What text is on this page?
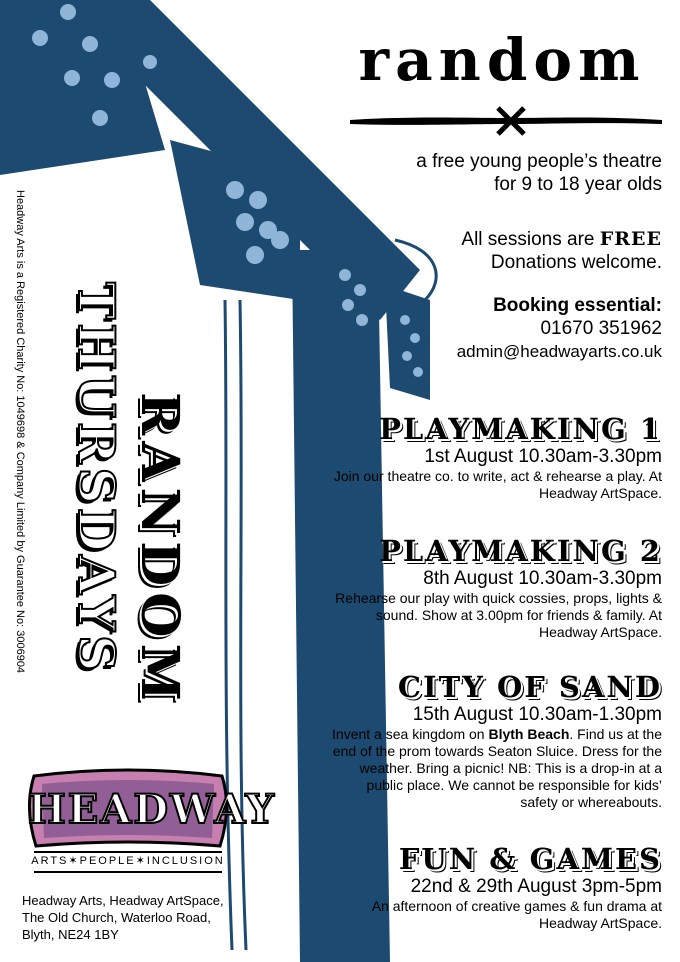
random
a free young people’s theatre
for 9 to 18 year olds
All sessions are FREE
Donations welcome.
Booking essential:
01670 351962
admin@headwayarts.co.uk
PLAYMAKING 1
1st August 10.30am-3.30pm
Join our theatre co. to write, act & rehearse a play. At Headway ArtSpace.
PLAYMAKING 2
8th August 10.30am-3.30pm
Rehearse our play with quick cossies, props, lights & sound. Show at 3.00pm for friends & family. At Headway ArtSpace.
CITY OF SAND
15th August 10.30am-1.30pm
Invent a sea kingdom on Blyth Beach. Find us at the end of the prom towards Seaton Sluice. Dress for the weather. Bring a picnic! NB: This is a drop-in at a public place. We cannot be responsible for kids’ safety or whereabouts.
FUN & GAMES
22nd & 29th August 3pm-5pm
An afternoon of creative games & fun drama at Headway ArtSpace.
RANDOM
THURSDAYS
Headway Arts is a Registered Charity No: 1049698 & Company Limited by Guarantee No: 3006904
HEADWAY
ARTS✶PEOPLE✶INCLUSION
Headway Arts, Headway ArtSpace,
The Old Church, Waterloo Road,
Blyth, NE24 1BY
